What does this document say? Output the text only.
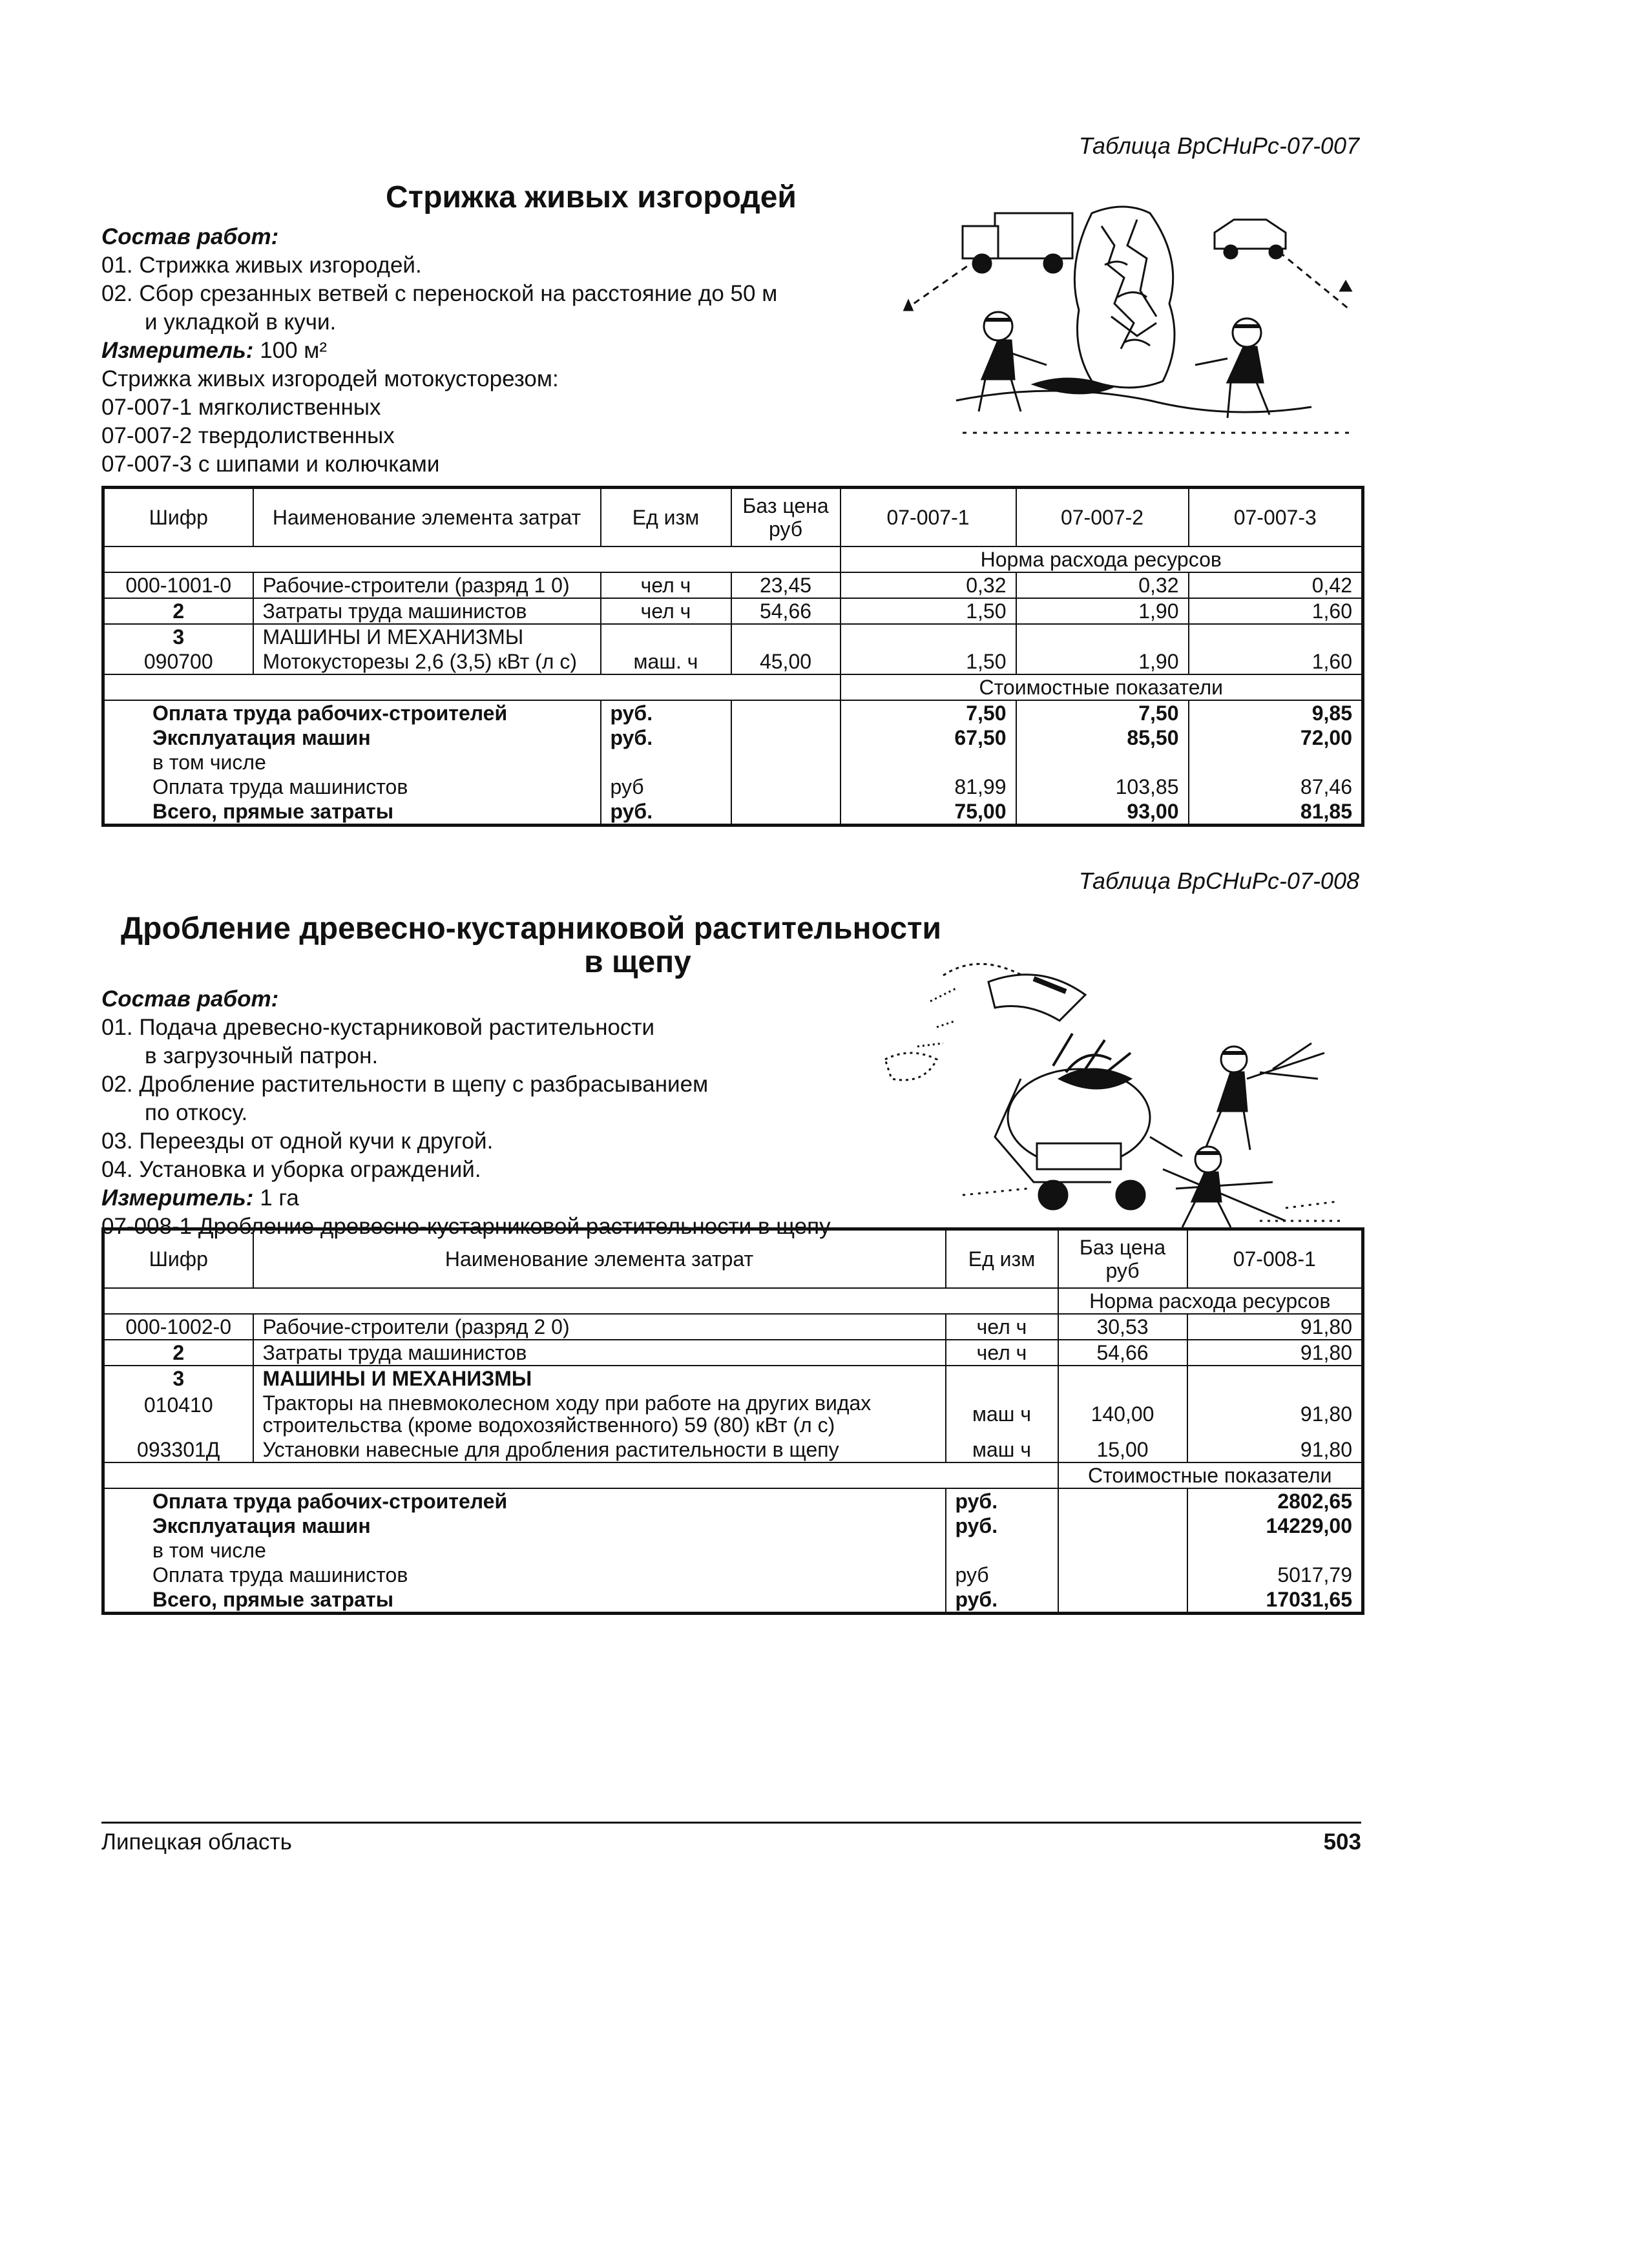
Таблица ВрСНиРс-07-007
Стрижка живых изгородей
Состав работ:
01. Стрижка живых изгородей.
02. Сбор срезанных ветвей с переноской на расстояние до 50 м
и укладкой в кучи.
Измеритель: 100 м²
Стрижка живых изгородей мотокусторезом:
07-007-1 мягколиственных
07-007-2 твердолиственных
07-007-3 с шипами и колючками
Шифр	Наименование элемента затрат	Ед изм	Баз цена руб	07-007-1	07-007-2	07-007-3
				Норма расхода ресурсов		
000-1001-0	Рабочие-строители (разряд 1 0)	чел ч	23,45	0,32	0,32	0,42
2	Затраты труда машинистов	чел ч	54,66	1,50	1,90	1,60
3	МАШИНЫ И МЕХАНИЗМЫ					
090700	Мотокусторезы 2,6 (3,5) кВт (л с)	маш. ч	45,00	1,50	1,90	1,60
				Стоимостные показатели		
Оплата труда рабочих-строителей		руб.		7,50	7,50	9,85
Эксплуатация машин		руб.		67,50	85,50	72,00
в том числе						
Оплата труда машинистов		руб		81,99	103,85	87,46
Всего, прямые затраты		руб.		75,00	93,00	81,85
Таблица ВрСНиРс-07-008
Дробление древесно-кустарниковой растительности
в щепу
Состав работ:
01. Подача древесно-кустарниковой растительности
в загрузочный патрон.
02. Дробление растительности в щепу с разбрасыванием
по откосу.
03. Переезды от одной кучи к другой.
04. Установка и уборка ограждений.
Измеритель: 1 га
07-008-1 Дробление древесно-кустарниковой растительности в щепу
Шифр	Наименование элемента затрат	Ед изм	Баз цена руб	07-008-1
			Норма расхода ресурсов	
000-1002-0	Рабочие-строители (разряд 2 0)	чел ч	30,53	91,80
2	Затраты труда машинистов	чел ч	54,66	91,80
3	МАШИНЫ И МЕХАНИЗМЫ			
010410	Тракторы на пневмоколесном ходу при работе на других видах строительства (кроме водохозяйственного) 59 (80) кВт (л с)	маш ч	140,00	91,80
093301Д	Установки навесные для дробления растительности в щепу	маш ч	15,00	91,80
			Стоимостные показатели	
Оплата труда рабочих-строителей		руб.		2802,65
Эксплуатация машин		руб.		14229,00
в том числе				
Оплата труда машинистов		руб		5017,79
Всего, прямые затраты		руб.		17031,65
Липецкая область	503
